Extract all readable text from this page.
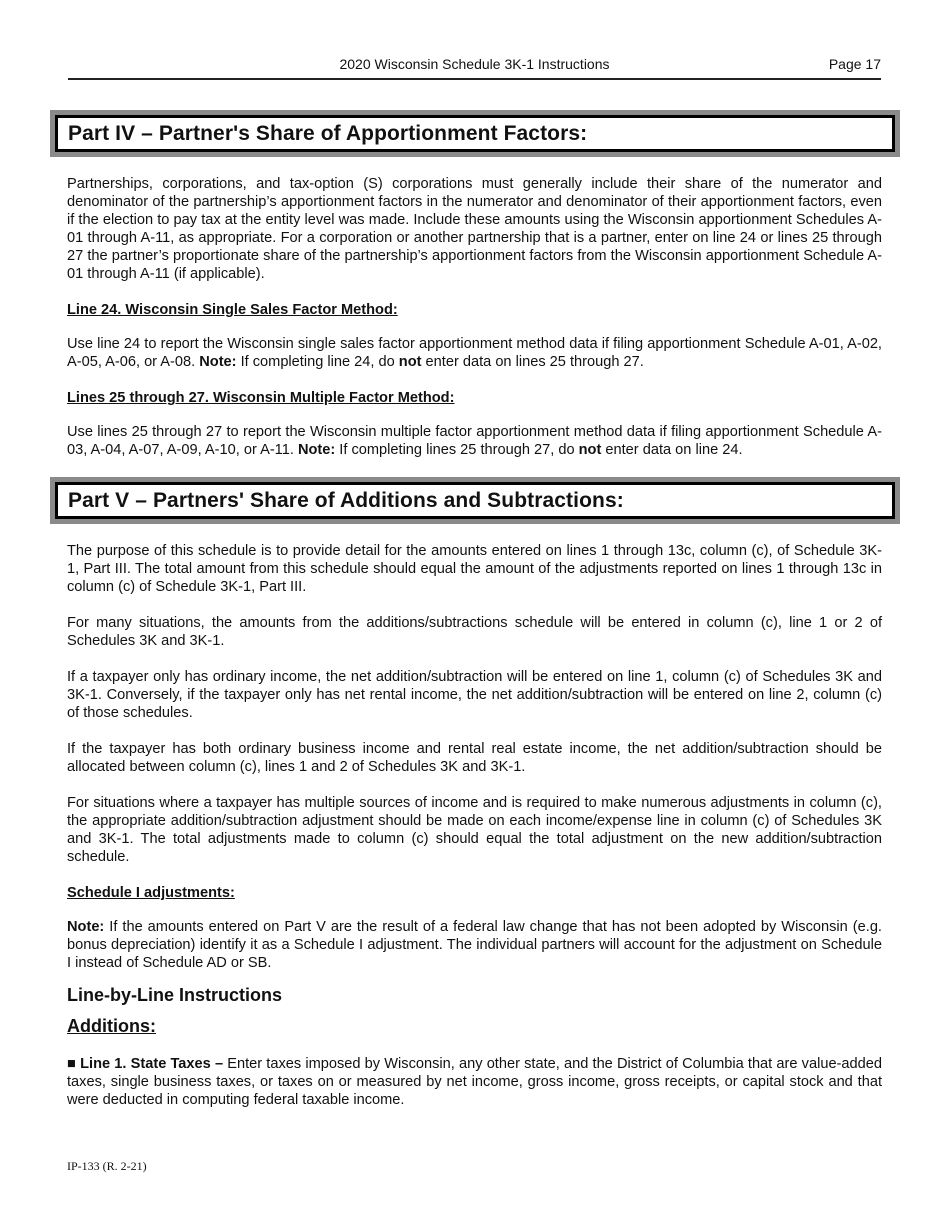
2020 Wisconsin Schedule 3K-1 Instructions	Page 17
Part IV – Partner's Share of Apportionment Factors:

Partnerships, corporations, and tax-option (S) corporations must generally include their share of the numerator and denominator of the partnership’s apportionment factors in the numerator and denominator of their apportionment factors, even if the election to pay tax at the entity level was made. Include these amounts using the Wisconsin apportionment Schedules A-01 through A-11, as appropriate. For a corporation or another partnership that is a partner, enter on line 24 or lines 25 through 27 the partner’s proportionate share of the partnership’s apportionment factors from the Wisconsin apportionment Schedule A-01 through A-11 (if applicable).

Line 24. Wisconsin Single Sales Factor Method:

Use line 24 to report the Wisconsin single sales factor apportionment method data if filing apportionment Schedule A-01, A-02, A-05, A-06, or A-08. Note: If completing line 24, do not enter data on lines 25 through 27.

Lines 25 through 27. Wisconsin Multiple Factor Method:

Use lines 25 through 27 to report the Wisconsin multiple factor apportionment method data if filing apportionment Schedule A-03, A-04, A-07, A-09, A-10, or A-11. Note: If completing lines 25 through 27, do not enter data on line 24.

Part V – Partners' Share of Additions and Subtractions:

The purpose of this schedule is to provide detail for the amounts entered on lines 1 through 13c, column (c), of Schedule 3K-1, Part III. The total amount from this schedule should equal the amount of the adjustments reported on lines 1 through 13c in column (c) of Schedule 3K-1, Part III.

For many situations, the amounts from the additions/subtractions schedule will be entered in column (c), line 1 or 2 of Schedules 3K and 3K-1.

If a taxpayer only has ordinary income, the net addition/subtraction will be entered on line 1, column (c) of Schedules 3K and 3K-1. Conversely, if the taxpayer only has net rental income, the net addition/subtraction will be entered on line 2, column (c) of those schedules.

If the taxpayer has both ordinary business income and rental real estate income, the net addition/subtraction should be allocated between column (c), lines 1 and 2 of Schedules 3K and 3K-1.

For situations where a taxpayer has multiple sources of income and is required to make numerous adjustments in column (c), the appropriate addition/subtraction adjustment should be made on each income/expense line in column (c) of Schedules 3K and 3K-1. The total adjustments made to column (c) should equal the total adjustment on the new addition/subtraction schedule.

Schedule I adjustments:

Note: If the amounts entered on Part V are the result of a federal law change that has not been adopted by Wisconsin (e.g. bonus depreciation) identify it as a Schedule I adjustment. The individual partners will account for the adjustment on Schedule I instead of Schedule AD or SB.

Line-by-Line Instructions

Additions:

■ Line 1. State Taxes – Enter taxes imposed by Wisconsin, any other state, and the District of Columbia that are value-added taxes, single business taxes, or taxes on or measured by net income, gross income, gross receipts, or capital stock and that were deducted in computing federal taxable income.

IP-133 (R. 2-21)
